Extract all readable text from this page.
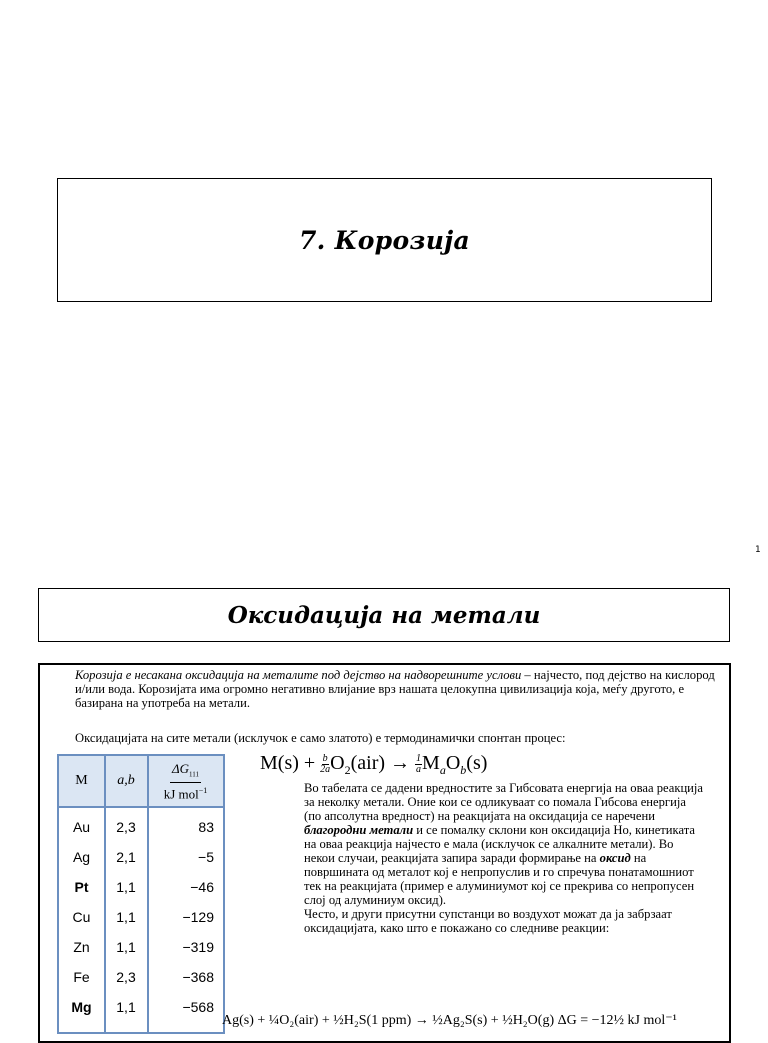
7. Корозија
1
Оксидација на метали

Корозија е несакана оксидација на металите под дејство на надворешните услови – најчесто, под дејство на кислород и/или вода. Корозијата има огромно негативно влијание врз нашата целокупна цивилизација која, меѓу другото, е базирана на употреба на метали.

Оксидацијата на сите метали (исклучок е само златото) е термодинамички спонтан процес:

M	a,b	$\frac{\Delta G_{111}}{kJ mol^{-1}}$
Au	2,3	83
Ag	2,1	−5
Pt	1,1	−46
Cu	1,1	−129
Zn	1,1	−319
Fe	2,3	−368
Mg	1,1	−568
$M(s) + \frac{b}{2a} O_2(air) \to \frac{1}{a} M_aO_b(s)$

Во табелата се дадени вредностите за Гибсовата енергија на оваа реакција за неколку метали. Оние кои се одликуваат со помала Гибсова енергија (по апсолутна вредност) на реакцијата на оксидација се наречени благородни метали и се помалку склони кон оксидација Но, кинетиката на оваа реакција најчесто е мала (исклучок се алкалните метали). Во некои случаи, реакцијата запира заради формирање на оксид на површината од металот кој е непропуслив и го спречува понатамошниот тек на реакцијата (пример е алуминиумот кој се прекрива со непропусен слој од алуминиум оксид).
Често, и други присутни супстанци во воздухот можат да ја забрзаат оксидацијата, како што е покажано со следниве реакции:

Ag(s) + ¼O₂(air) + ½H₂S(1 ppm) → ½Ag₂S(s) + ½H₂O(g) ΔG = −12½ kJ mol⁻¹
